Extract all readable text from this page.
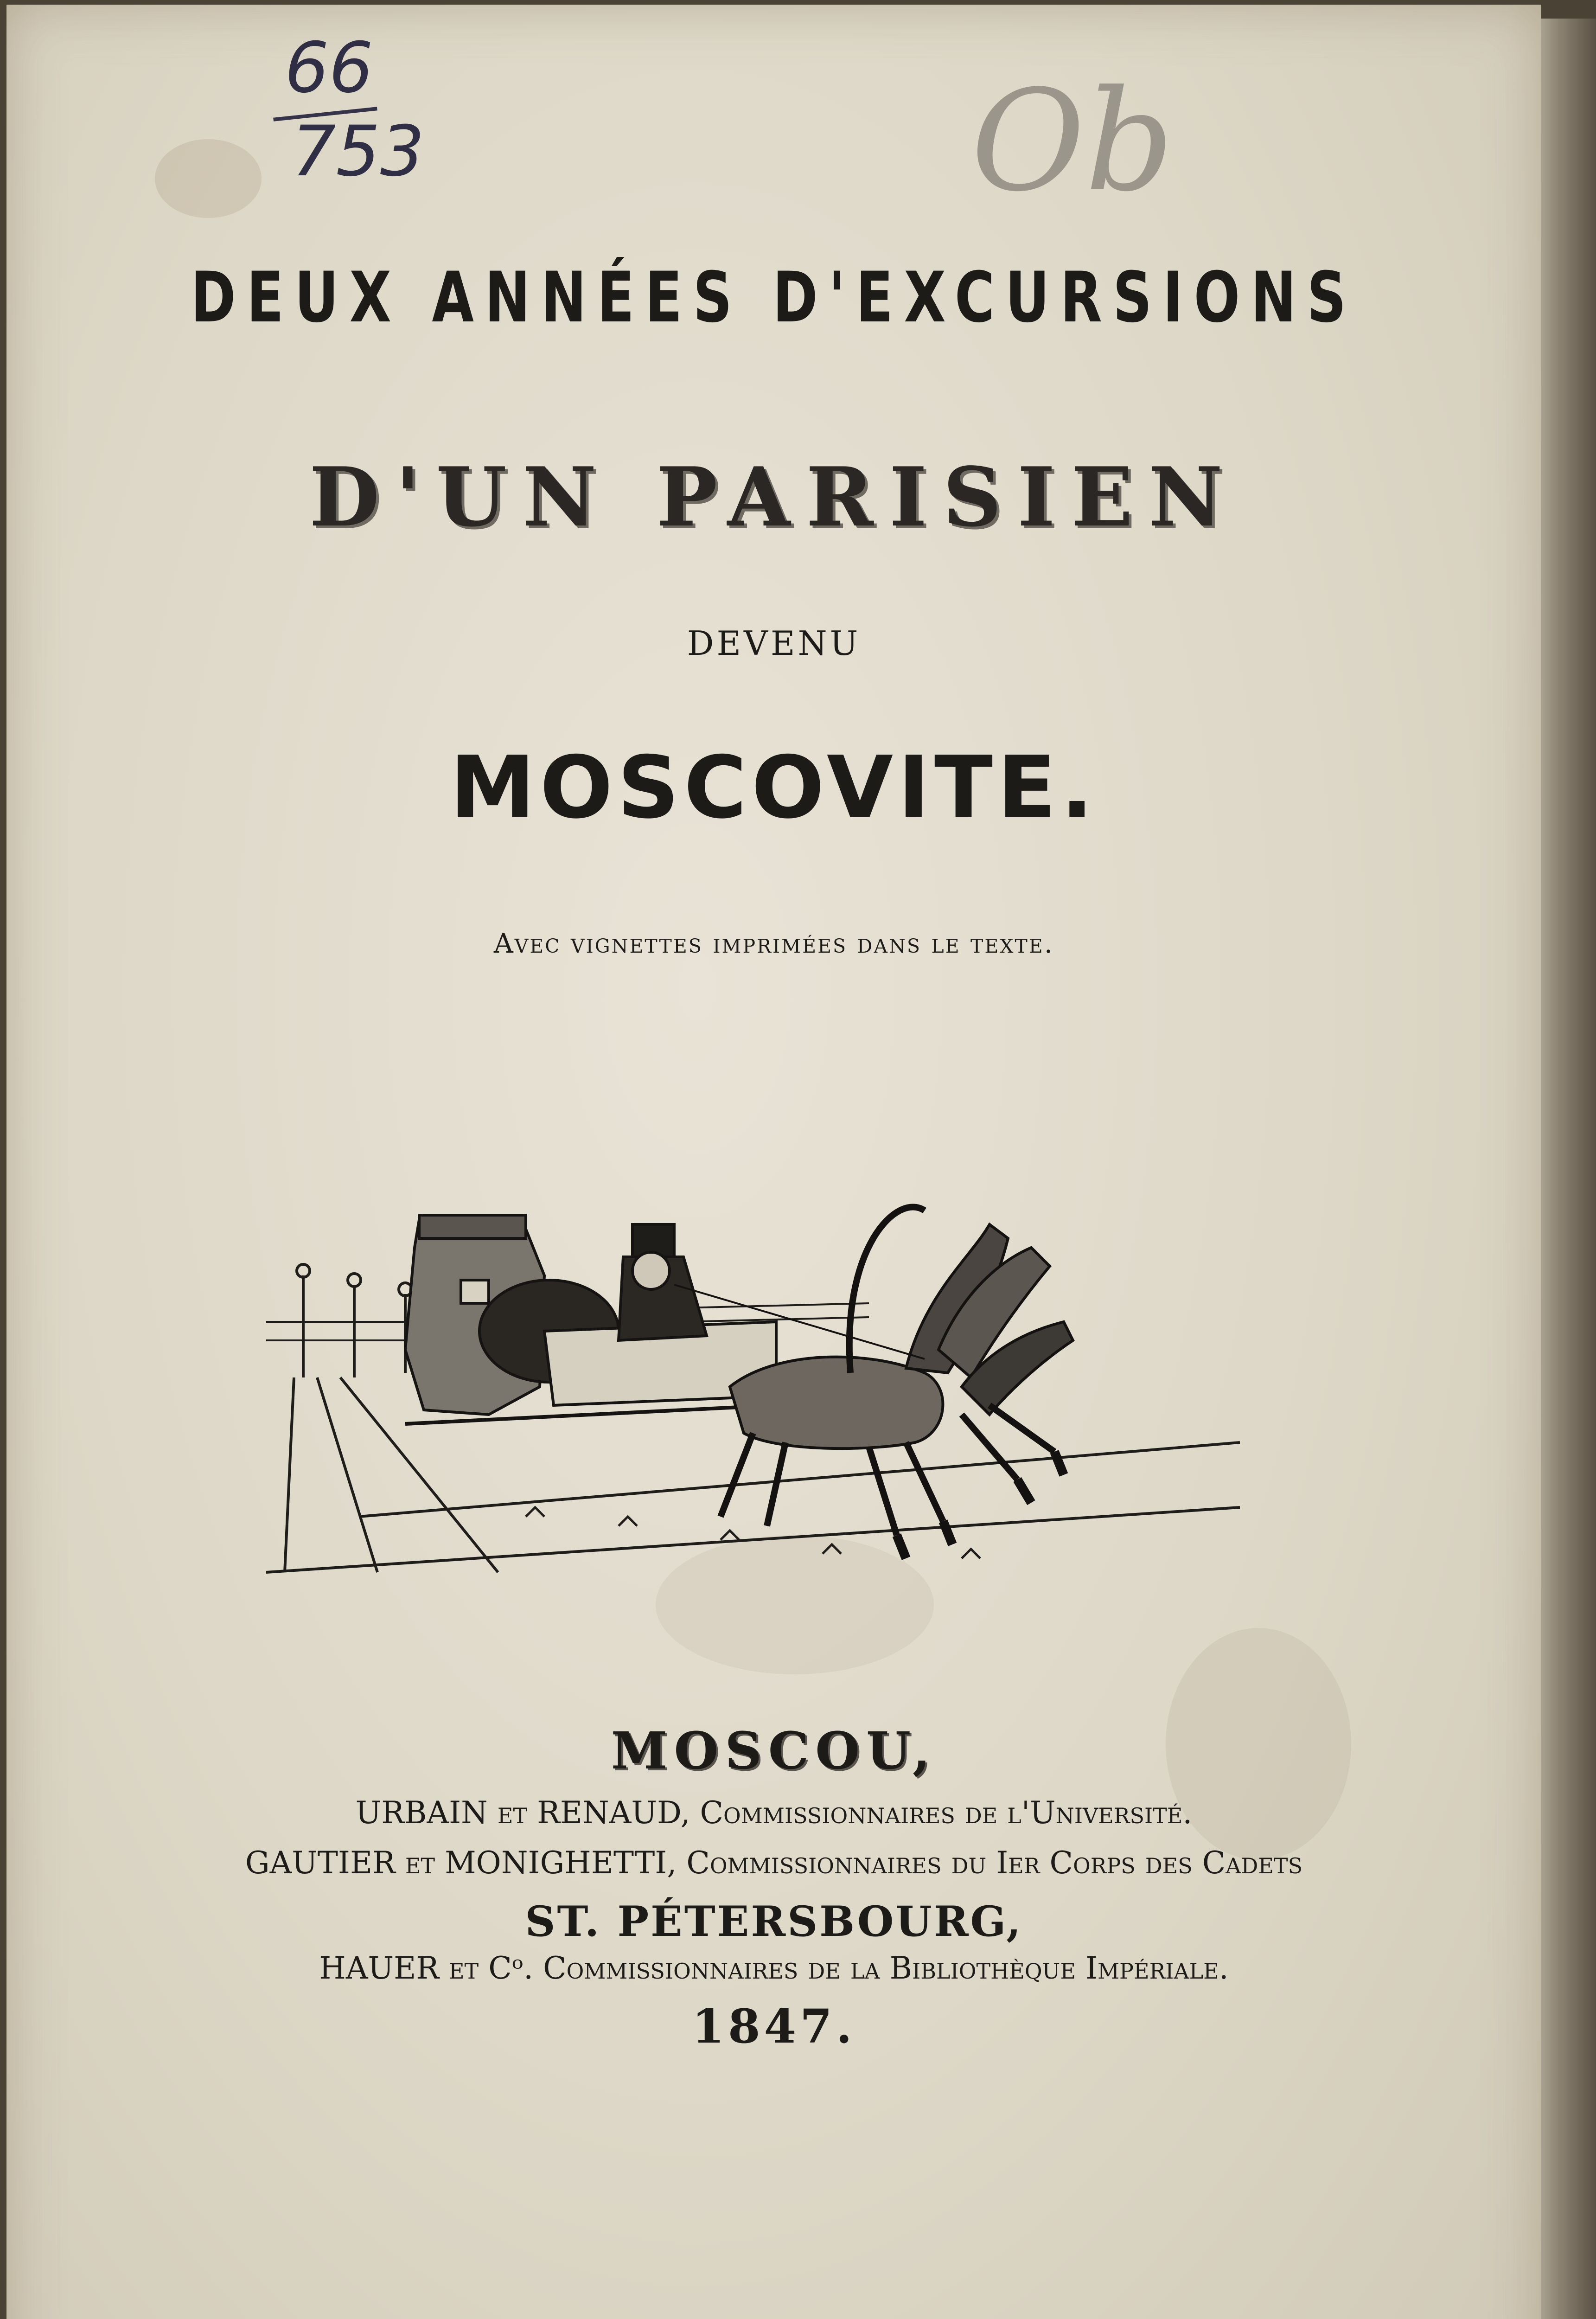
66
753	Ob
DEUX ANNÉES D'EXCURSIONS
D'UN PARISIEN
DEVENU
MOSCOVITE.
Avec vignettes imprimées dans le texte.
MOSCOU,
URBAIN et RENAUD, Commissionnaires de l'Université.
GAUTIER et MONIGHETTI, Commissionnaires du Ier Corps des Cadets
ST. PÉTERSBOURG,
HAUER et Cᵒ. Commissionnaires de la Bibliothèque Impériale.
1847.
